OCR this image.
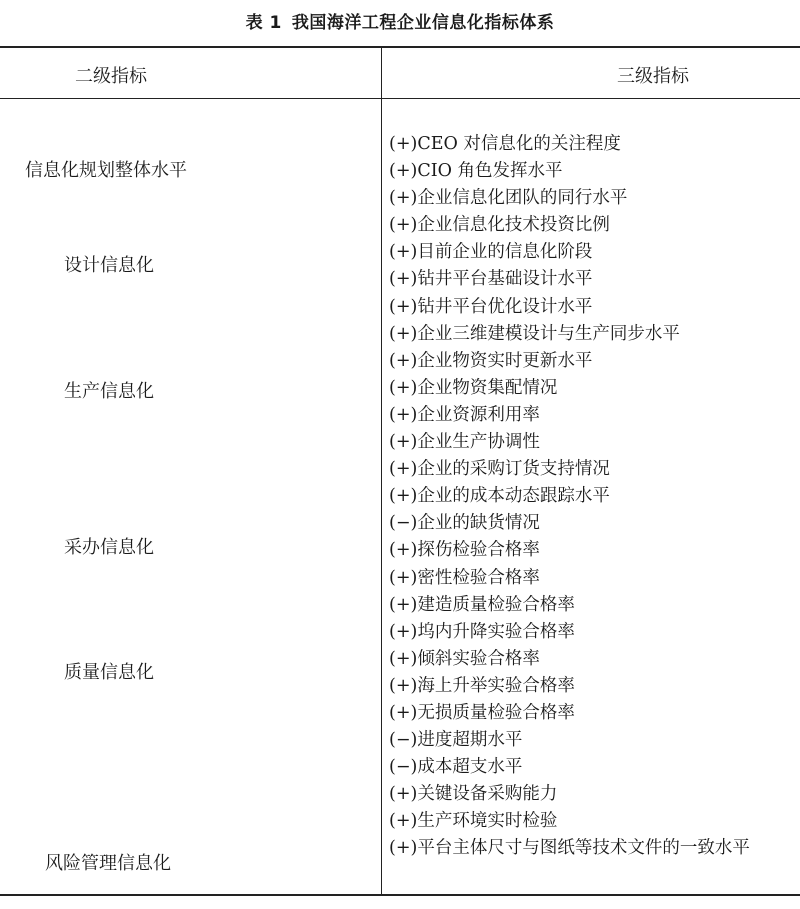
表 1 我国海洋工程企业信息化指标体系
二级指标	三级指标
信息化规划整体水平
设计信息化
生产信息化
采办信息化
质量信息化
风险管理信息化
(+)CEO 对信息化的关注程度
(+)CIO 角色发挥水平
(+)企业信息化团队的同行水平
(+)企业信息化技术投资比例
(+)目前企业的信息化阶段
(+)钻井平台基础设计水平
(+)钻井平台优化设计水平
(+)企业三维建模设计与生产同步水平
(+)企业物资实时更新水平
(+)企业物资集配情况
(+)企业资源利用率
(+)企业生产协调性
(+)企业的采购订货支持情况
(+)企业的成本动态跟踪水平
(−)企业的缺货情况
(+)探伤检验合格率
(+)密性检验合格率
(+)建造质量检验合格率
(+)坞内升降实验合格率
(+)倾斜实验合格率
(+)海上升举实验合格率
(+)无损质量检验合格率
(−)进度超期水平
(−)成本超支水平
(+)关键设备采购能力
(+)生产环境实时检验
(+)平台主体尺寸与图纸等技术文件的一致水平
